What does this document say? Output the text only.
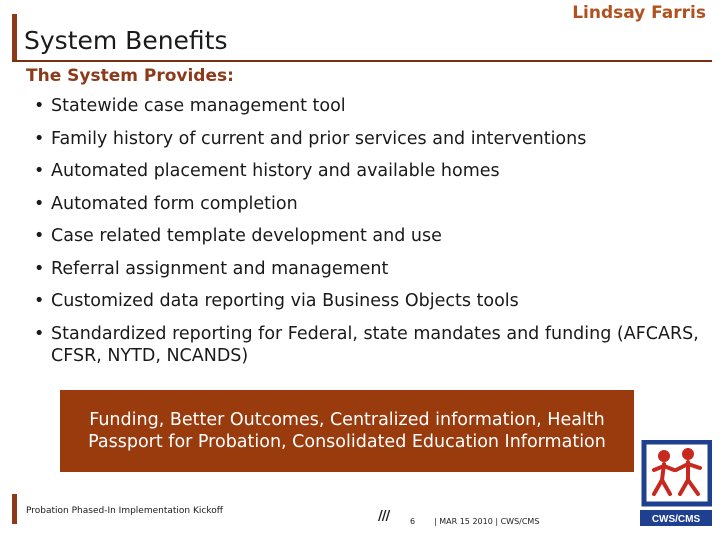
System Benefits
Lindsay Farris
The System Provides:
• Statewide case management tool
• Family history of current and prior services and interventions
• Automated placement history and available homes
• Automated form completion
• Case related template development and use
• Referral assignment and management
• Customized data reporting via Business Objects tools
• Standardized reporting for Federal, state mandates and funding (AFCARS, CFSR, NYTD, NCANDS)
Funding, Better Outcomes, Centralized information, Health Passport for Probation, Consolidated Education Information
Probation Phased-In Implementation Kickoff	///	6 | MAR 15 2010 | CWS/CMS	CWS/CMS
